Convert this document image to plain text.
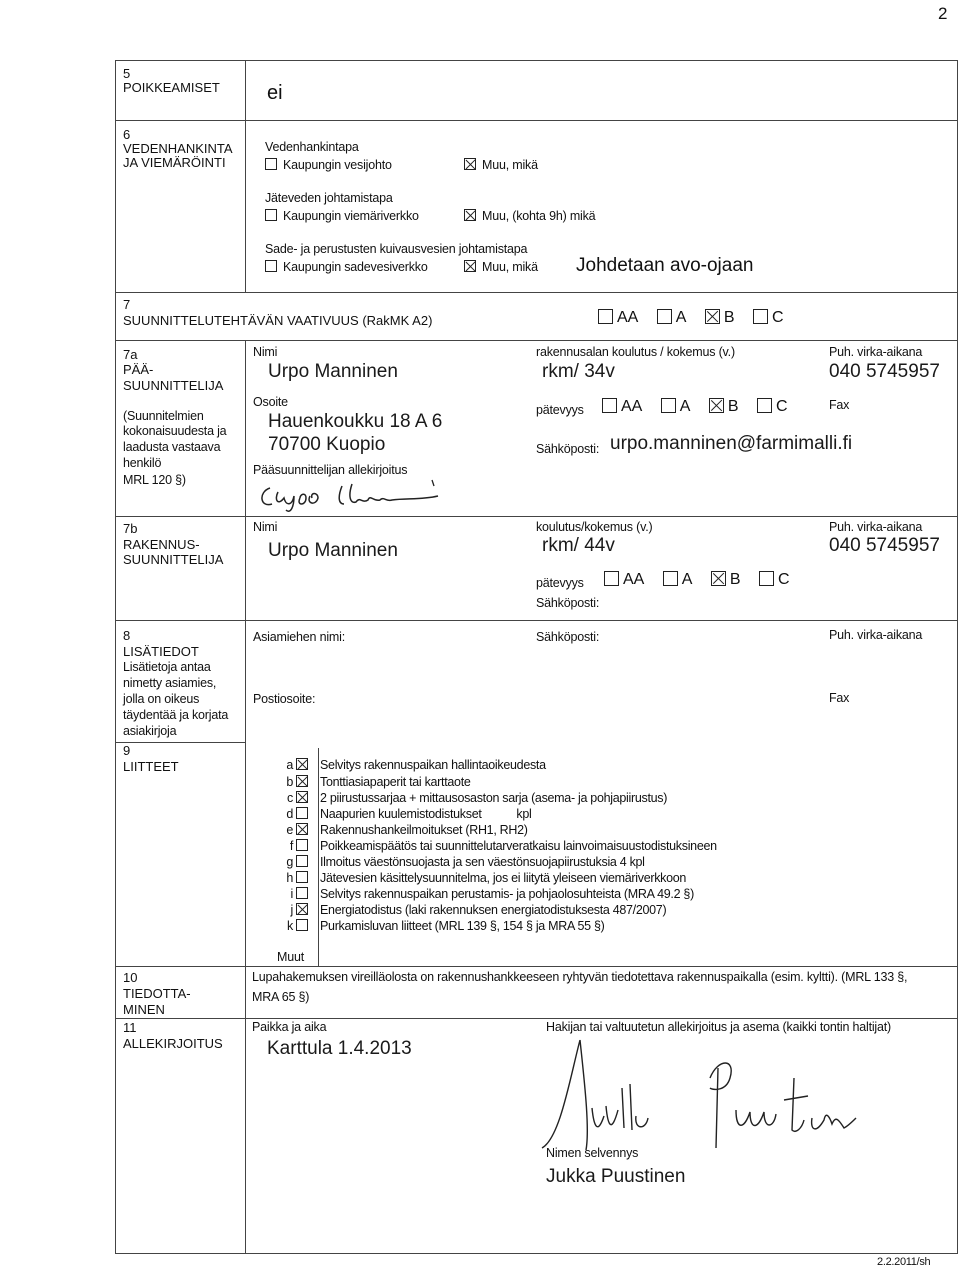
2
5
POIKKEAMISET ei
6
VEDENHANKINTA
JA VIEMÄRÖINTI
Vedenhankintapa
Kaupungin vesijohto	Muu, mikä
Jäteveden johtamistapa
Kaupungin viemäriverkko	Muu, (kohta 9h) mikä
Sade- ja perustusten kuivausvesien johtamistapa
Kaupungin sadevesiverkko	Muu, mikä Johdetaan avo-ojaan
7
SUUNNITTELUTEHTÄVÄN VAATIVUUS (RakMK A2)	AA A B C
7a
PÄÄ-
SUUNNITTELIJA
(Suunnitelmien
kokonaisuudesta ja
laadusta vastaava
henkilö
MRL 120 §)
Nimi
Urpo Manninen
Osoite
Hauenkoukku 18 A 6
70700 Kuopio
Pääsuunnittelijan allekirjoitus
rakennusalan koulutus / kokemus (v.)
rkm/ 34v
pätevyys	AA A B C
Sähköposti: urpo.manninen@farmimalli.fi
Puh. virka-aikana
040 5745957
Fax
7b
RAKENNUS-
SUUNNITTELIJA
Nimi
Urpo Manninen
koulutus/kokemus (v.)
rkm/ 44v
pätevyys	AA A B C
Sähköposti:
Puh. virka-aikana
040 5745957
8
LISÄTIEDOT
Lisätietoja antaa
nimetty asiamies,
jolla on oikeus
täydentää ja korjata
asiakirjoja
Asiamiehen nimi:	Sähköposti:	Puh. virka-aikana
Postiosoite:	Fax
9
LIITTEET	a Selvitys rakennuspaikan hallintaoikeudesta
b Tonttiasiapaperit tai karttaote
c 2 piirustussarjaa + mittausosaston sarja (asema- ja pohjapiirustus)
d Naapurien kuulemistodistukset           kpl
e Rakennushankeilmoitukset (RH1, RH2)
f Poikkeamispäätös tai suunnittelutarveratkaisu lainvoimaisuustodistuksineen
g Ilmoitus väestönsuojasta ja sen väestönsuojapiirustuksia 4 kpl
h Jätevesien käsittelysuunnitelma, jos ei liitytä yleiseen viemäriverkkoon
i Selvitys rakennuspaikan perustamis- ja pohjaolosuhteista (MRA 49.2 §)
j Energiatodistus (laki rakennuksen energiatodistuksesta 487/2007)
k Purkamisluvan liitteet (MRL 139 §, 154 § ja MRA 55 §)
Muut
10
TIEDOTTA-
MINEN
Lupahakemuksen vireilläolosta on rakennushankkeeseen ryhtyvän tiedotettava rakennuspaikalla (esim. kyltti). (MRL 133 §,
MRA 65 §)
11
ALLEKIRJOITUS
Paikka ja aika
Karttula 1.4.2013
Hakijan tai valtuutetun allekirjoitus ja asema (kaikki tontin haltijat)
Nimen selvennys
Jukka Puustinen
2.2.2011/sh
